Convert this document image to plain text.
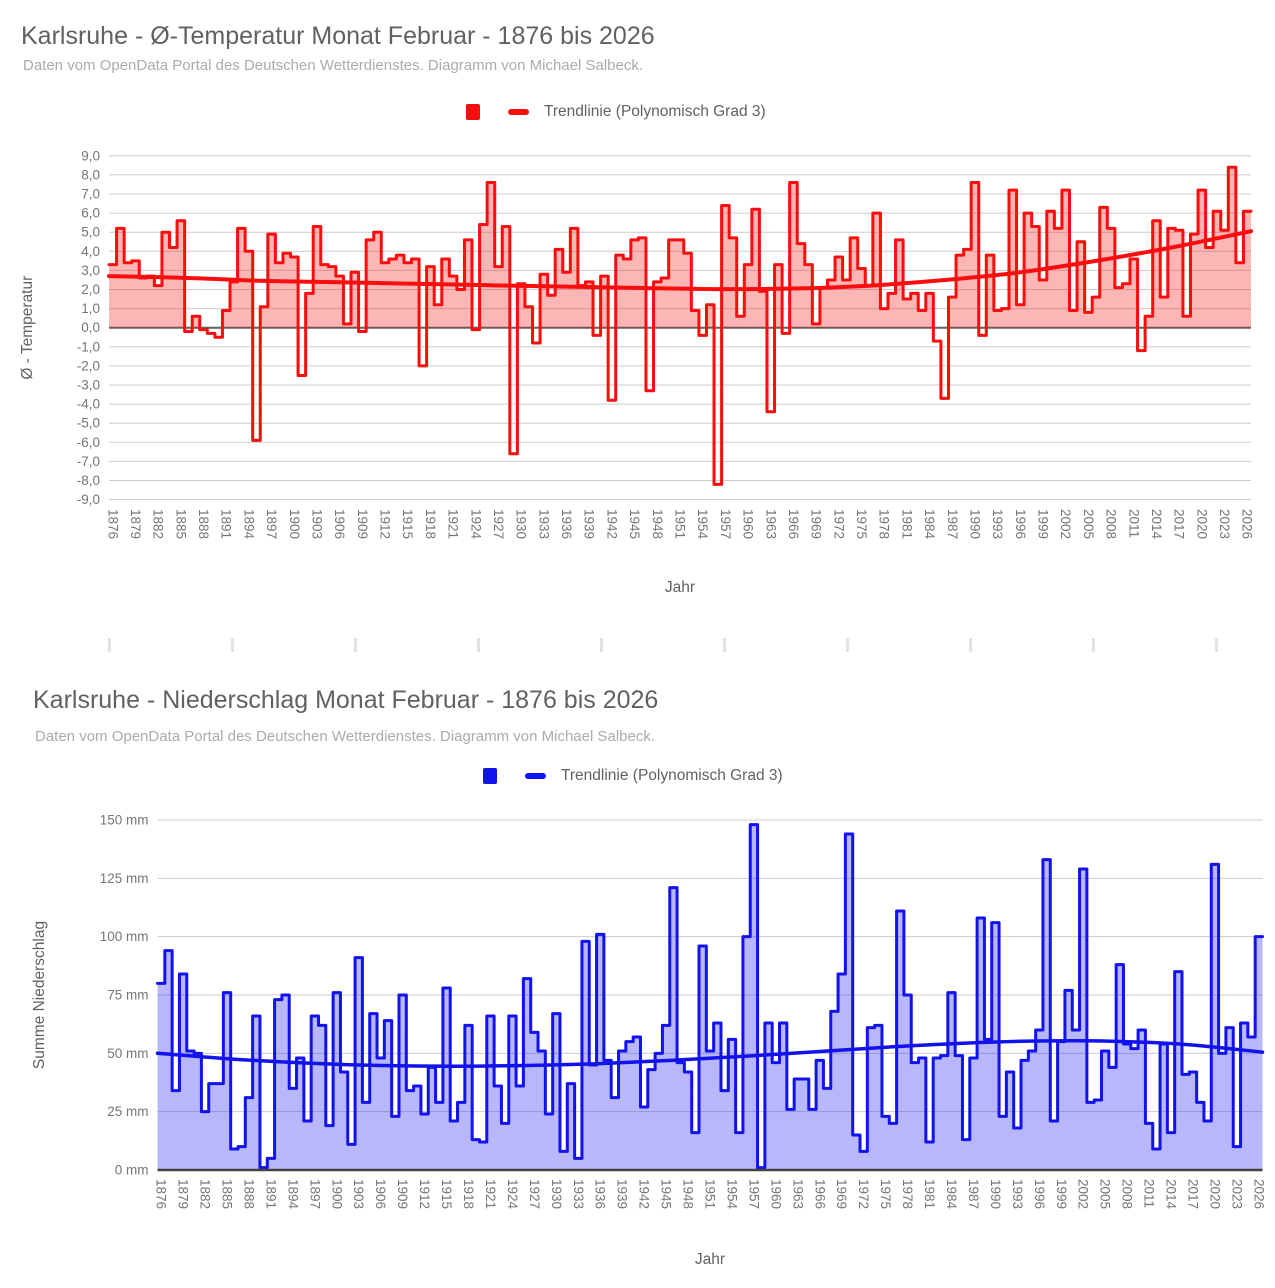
Karlsruhe - Ø-Temperatur Monat Februar - 1876 bis 2026

Daten vom OpenData Portal des Deutschen Wetterdienstes. Diagramm von Michael Salbeck.

Trendlinie (Polynomisch Grad 3)
9,0
8,0
7,0
6,0
5,0
4,0
3,0
2,0
1,0
0,0
-1,0
-2,0
-3,0
-4,0
-5,0
-6,0
-7,0
-8,0
-9,0
1876 1879 1882 1885 1888 1891 1894 1897 1900 1903 1906 1909 1912 1915 1918 1921 1924 1927 1930 1933 1936 1939 1942 1945 1948 1951 1954 1957 1960 1963 1966 1969 1972 1975 1978 1981 1984 1987 1990 1993 1996 1999 2002 2005 2008 2011 2014 2017 2020 2023 2026
Jahr
Ø - Temperatur
Karlsruhe - Niederschlag Monat Februar - 1876 bis 2026

Daten vom OpenData Portal des Deutschen Wetterdienstes. Diagramm von Michael Salbeck.

Trendlinie (Polynomisch Grad 3)
150 mm
125 mm
100 mm
75 mm
50 mm
25 mm
0 mm
1876 1879 1882 1885 1888 1891 1894 1897 1900 1903 1906 1909 1912 1915 1918 1921 1924 1927 1930 1933 1936 1939 1942 1945 1948 1951 1954 1957 1960 1963 1966 1969 1972 1975 1978 1981 1984 1987 1990 1993 1996 1999 2002 2005 2008 2011 2014 2017 2020 2023 2026
Jahr
Summe Niederschlag
